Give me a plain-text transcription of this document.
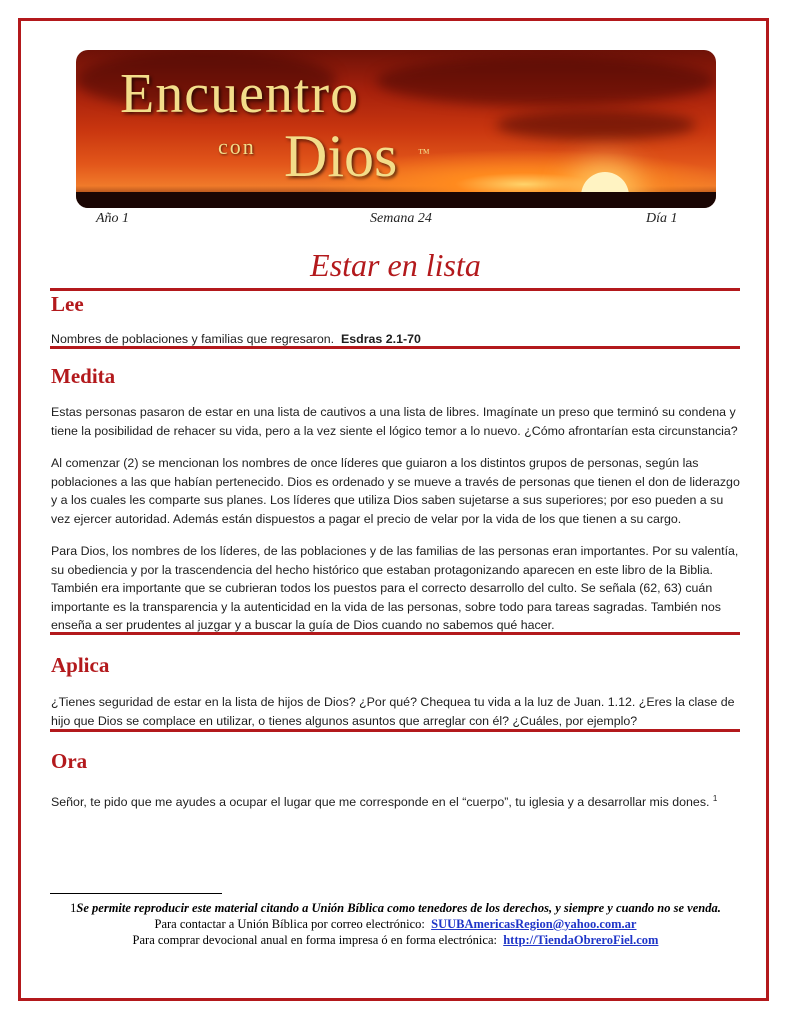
Encuentro
con Dios ™
Año 1	Semana 24	Día 1
Estar en lista
Lee
Nombres de poblaciones y familias que regresaron. Esdras 2.1-70
Medita
Estas personas pasaron de estar en una lista de cautivos a una lista de libres. Imagínate un preso que terminó su condena y tiene la posibilidad de rehacer su vida, pero a la vez siente el lógico temor a lo nuevo. ¿Cómo afrontarían esta circunstancia?
Al comenzar (2) se mencionan los nombres de once líderes que guiaron a los distintos grupos de personas, según las poblaciones a las que habían pertenecido. Dios es ordenado y se mueve a través de personas que tienen el don de liderazgo y a los cuales les comparte sus planes. Los líderes que utiliza Dios saben sujetarse a sus superiores; por eso pueden a su vez ejercer autoridad. Además están dispuestos a pagar el precio de velar por la vida de los que tienen a su cargo.
Para Dios, los nombres de los líderes, de las poblaciones y de las familias de las personas eran importantes. Por su valentía, su obediencia y por la trascendencia del hecho histórico que estaban protagonizando aparecen en este libro de la Biblia. También era importante que se cubrieran todos los puestos para el correcto desarrollo del culto. Se señala (62, 63) cuán importante es la transparencia y la autenticidad en la vida de las personas, sobre todo para tareas sagradas. También nos enseña a ser prudentes al juzgar y a buscar la guía de Dios cuando no sabemos qué hacer.
Aplica
¿Tienes seguridad de estar en la lista de hijos de Dios? ¿Por qué? Chequea tu vida a la luz de Juan. 1.12. ¿Eres la clase de hijo que Dios se complace en utilizar, o tienes algunos asuntos que arreglar con él? ¿Cuáles, por ejemplo?
Ora
Señor, te pido que me ayudes a ocupar el lugar que me corresponde en el “cuerpo”, tu iglesia y a desarrollar mis dones. $^1$
1Se permite reproducir este material citando a Unión Bíblica como tenedores de los derechos, y siempre y cuando no se venda.
Para contactar a Unión Bíblica por correo electrónico: SUUBAmericasRegion@yahoo.com.ar
Para comprar devocional anual en forma impresa ó en forma electrónica: http://TiendaObreroFiel.com
